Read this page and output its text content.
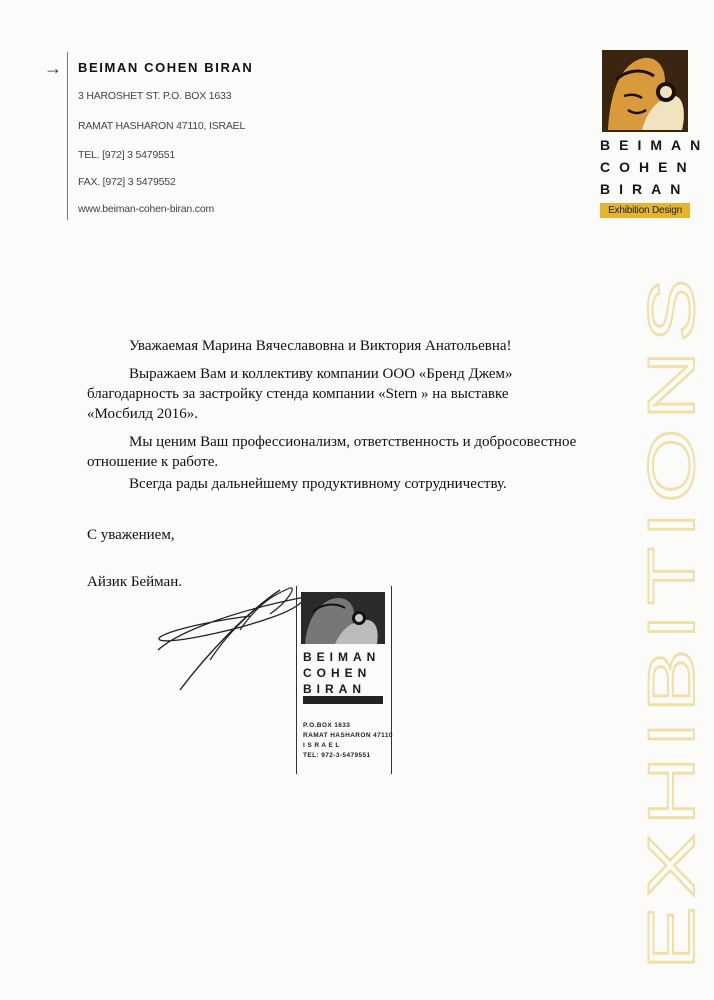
→ BEIMAN COHEN BIRAN
3 HAROSHET ST. P.O. BOX 1633
RAMAT HASHARON 47110, ISRAEL
TEL. [972] 3 5479551
FAX. [972] 3 5479552
www.beiman-cohen-biran.com
BEIMAN
COHEN
BIRAN
Exhibition Design
EXHIBITIONS
Уважаемая Марина Вячеславовна и Виктория Анатольевна!
Выражаем Вам и коллективу компании ООО «Бренд Джем»
благодарность за застройку стенда компании «Stern » на выставке
«Мосбилд 2016».
Мы ценим Ваш профессионализм, ответственность и добросовестное
отношение к работе.
Всегда рады дальнейшему продуктивному сотрудничеству.
С уважением,
Айзик Бейман.
BEIMAN
COHEN
BIRAN
P.O.BOX 1633
RAMAT HASHARON 47110
I S R A E L
TEL: 972-3-5479551
